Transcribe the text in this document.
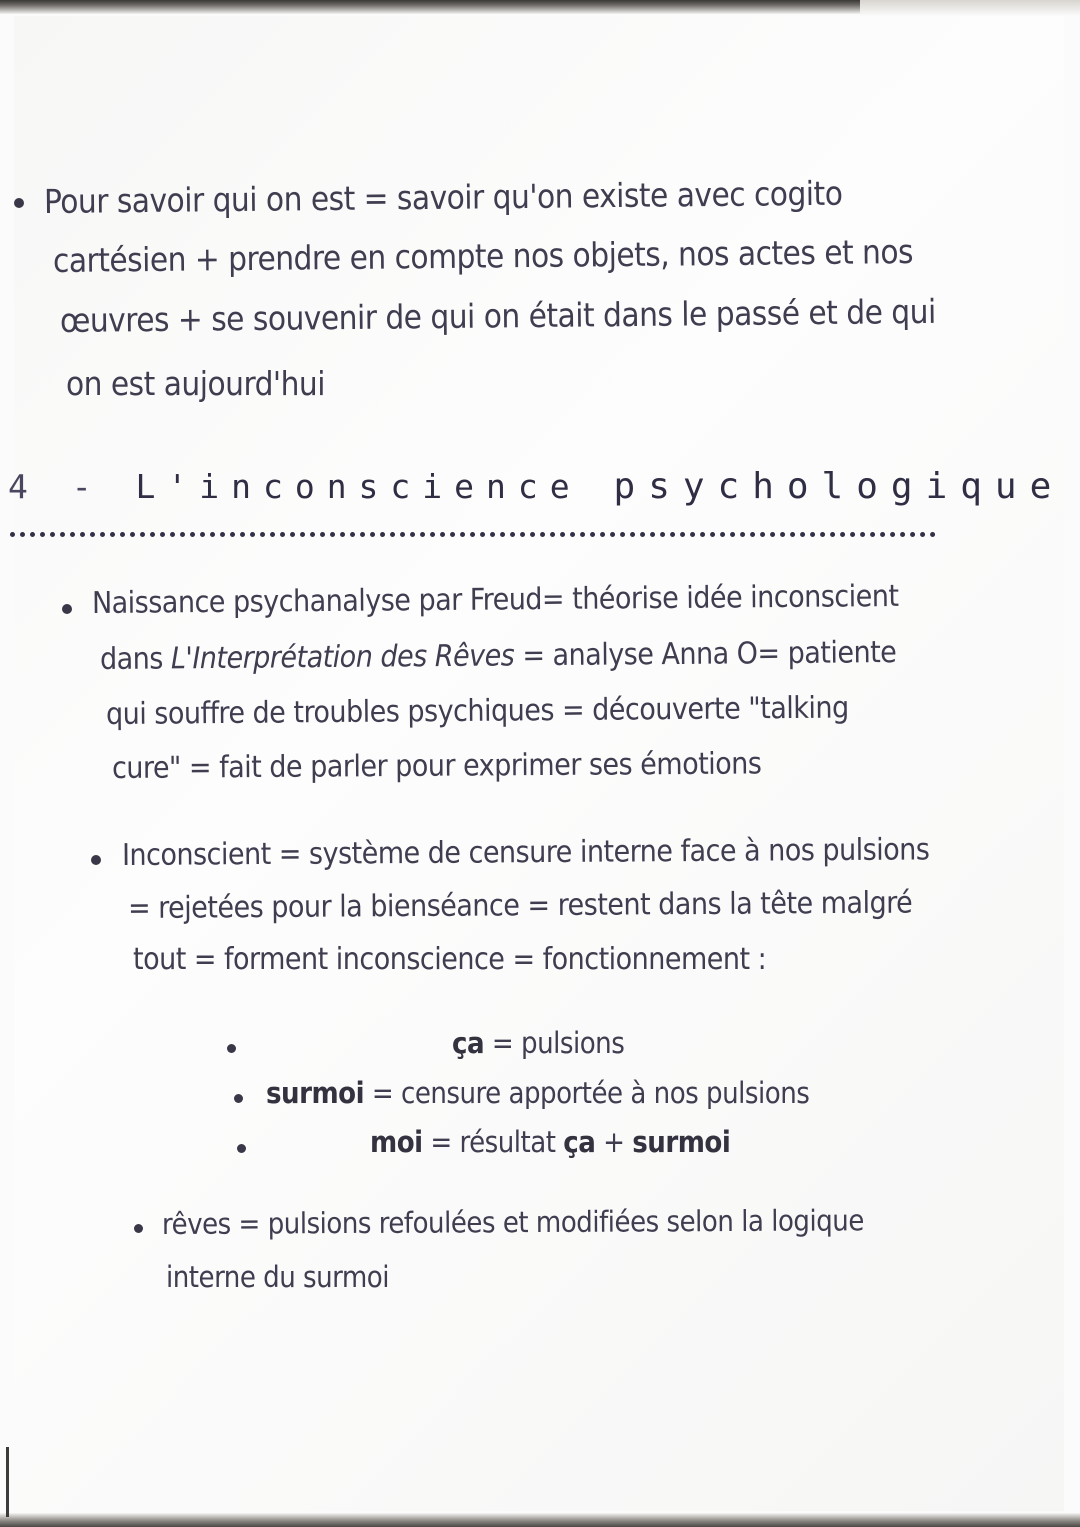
Pour savoir qui on est = savoir qu'on existe avec cogito
cartésien + prendre en compte nos objets, nos actes et nos
œuvres + se souvenir de qui on était dans le passé et de qui
on est aujourd'hui
4 - L'inconscience psychologique
Naissance psychanalyse par Freud= théorise idée inconscient
dans L'Interprétation des Rêves = analyse Anna O= patiente
qui souffre de troubles psychiques = découverte "talking
cure" = fait de parler pour exprimer ses émotions
Inconscient = système de censure interne face à nos pulsions
= rejetées pour la bienséance = restent dans la tête malgré
tout = forment inconscience = fonctionnement :
ça = pulsions
surmoi = censure apportée à nos pulsions
moi = résultat ça + surmoi
rêves = pulsions refoulées et modifiées selon la logique
interne du surmoi
